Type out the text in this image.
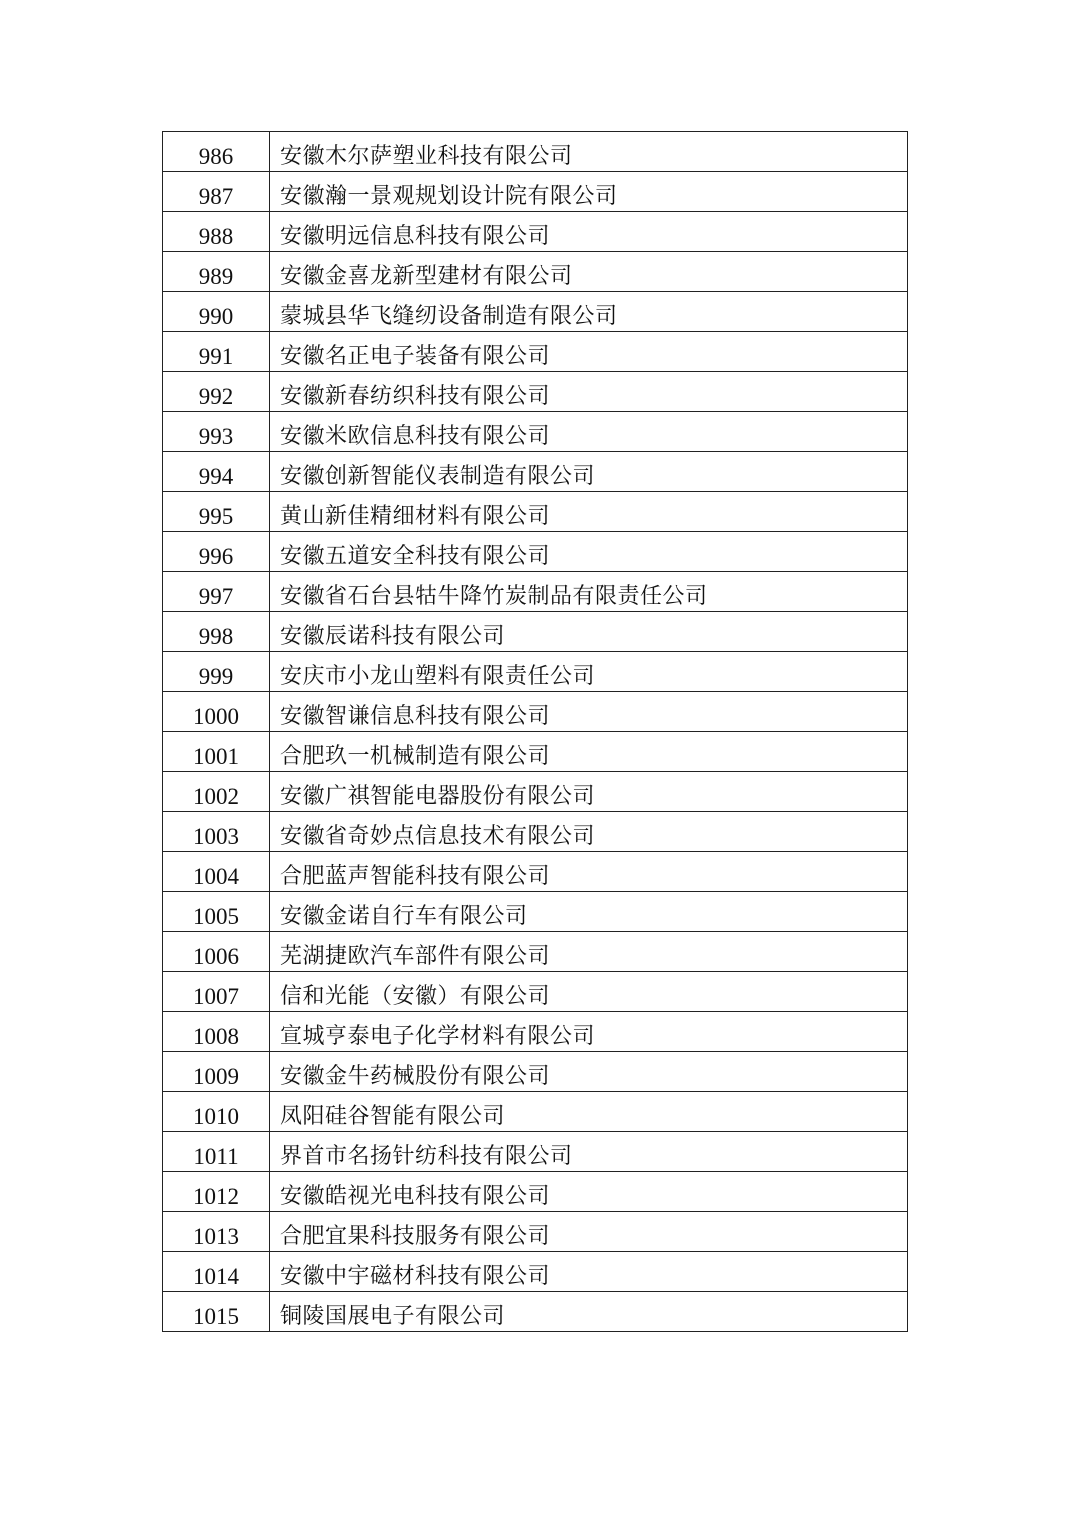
986	安徽木尔萨塑业科技有限公司
987	安徽瀚一景观规划设计院有限公司
988	安徽明远信息科技有限公司
989	安徽金喜龙新型建材有限公司
990	蒙城县华飞缝纫设备制造有限公司
991	安徽名正电子装备有限公司
992	安徽新春纺织科技有限公司
993	安徽米欧信息科技有限公司
994	安徽创新智能仪表制造有限公司
995	黄山新佳精细材料有限公司
996	安徽五道安全科技有限公司
997	安徽省石台县牯牛降竹炭制品有限责任公司
998	安徽辰诺科技有限公司
999	安庆市小龙山塑料有限责任公司
1000	安徽智谦信息科技有限公司
1001	合肥玖一机械制造有限公司
1002	安徽广祺智能电器股份有限公司
1003	安徽省奇妙点信息技术有限公司
1004	合肥蓝声智能科技有限公司
1005	安徽金诺自行车有限公司
1006	芜湖捷欧汽车部件有限公司
1007	信和光能（安徽）有限公司
1008	宣城亨泰电子化学材料有限公司
1009	安徽金牛药械股份有限公司
1010	凤阳硅谷智能有限公司
1011	界首市名扬针纺科技有限公司
1012	安徽皓视光电科技有限公司
1013	合肥宜果科技服务有限公司
1014	安徽中宇磁材科技有限公司
1015	铜陵国展电子有限公司
